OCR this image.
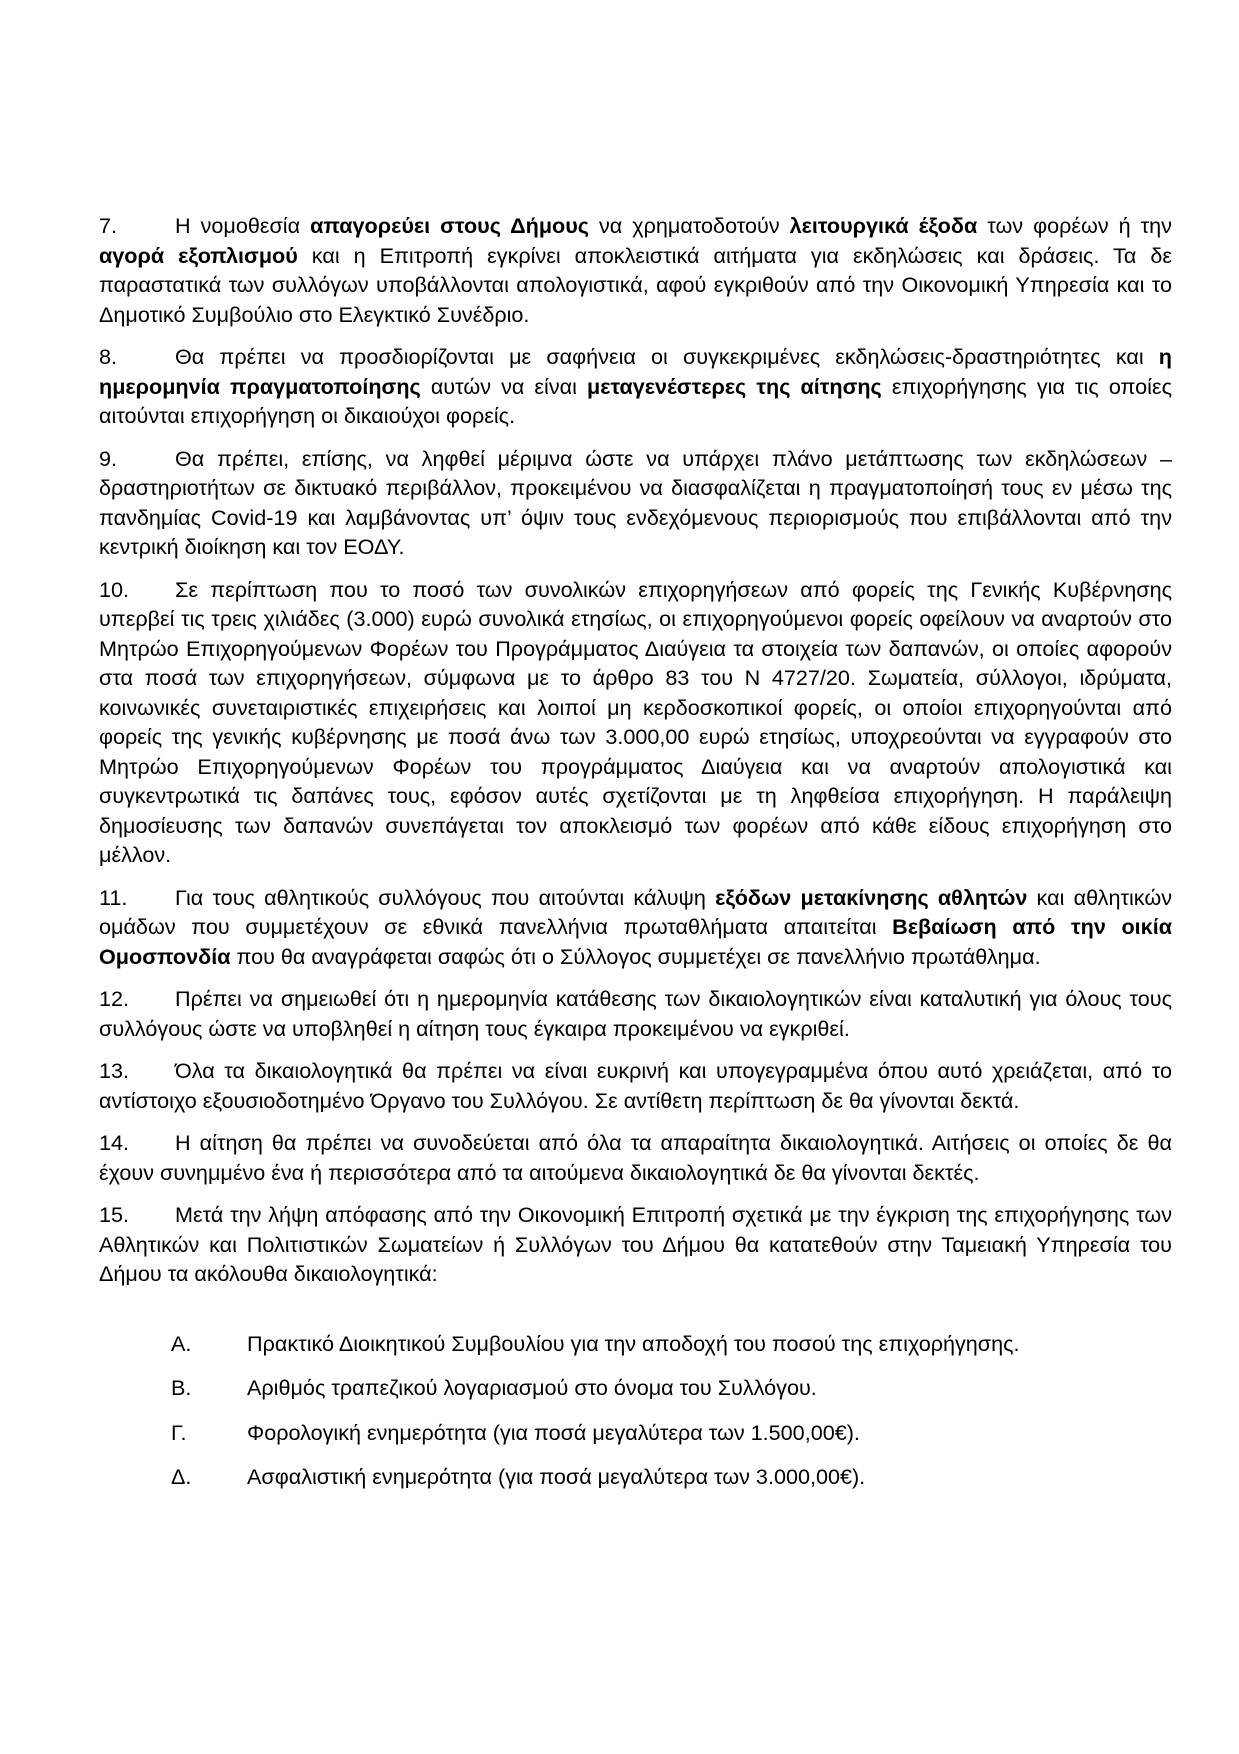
7.	Η νομοθεσία απαγορεύει στους Δήμους να χρηματοδοτούν λειτουργικά έξοδα των φορέων ή την αγορά εξοπλισμού και η Επιτροπή εγκρίνει αποκλειστικά αιτήματα για εκδηλώσεις και δράσεις. Τα δε παραστατικά των συλλόγων υποβάλλονται απολογιστικά, αφού εγκριθούν από την Οικονομική Υπηρεσία και το Δημοτικό Συμβούλιο στο Ελεγκτικό Συνέδριο.
8.	Θα πρέπει να προσδιορίζονται με σαφήνεια οι συγκεκριμένες εκδηλώσεις-δραστηριότητες και η ημερομηνία πραγματοποίησης αυτών να είναι μεταγενέστερες της αίτησης επιχορήγησης για τις οποίες αιτούνται επιχορήγηση οι δικαιούχοι φορείς.
9.	Θα πρέπει, επίσης, να ληφθεί μέριμνα ώστε να υπάρχει πλάνο μετάπτωσης των εκδηλώσεων – δραστηριοτήτων σε δικτυακό περιβάλλον, προκειμένου να διασφαλίζεται η πραγματοποίησή τους εν μέσω της πανδημίας Covid-19 και λαμβάνοντας υπ’ όψιν τους ενδεχόμενους περιορισμούς που επιβάλλονται από την κεντρική διοίκηση και τον ΕΟΔΥ.
10. Σε περίπτωση που το ποσό των συνολικών επιχορηγήσεων από φορείς της Γενικής Κυβέρνησης υπερβεί τις τρεις χιλιάδες (3.000) ευρώ συνολικά ετησίως, οι επιχορηγούμενοι φορείς οφείλουν να αναρτούν στο Μητρώο Επιχορηγούμενων Φορέων του Προγράμματος Διαύγεια τα στοιχεία των δαπανών, οι οποίες αφορούν στα ποσά των επιχορηγήσεων, σύμφωνα με το άρθρο 83 του Ν 4727/20. Σωματεία, σύλλογοι, ιδρύματα, κοινωνικές συνεταιριστικές επιχειρήσεις και λοιποί μη κερδοσκοπικοί φορείς, οι οποίοι επιχορηγούνται από φορείς της γενικής κυβέρνησης με ποσά άνω των 3.000,00 ευρώ ετησίως, υποχρεούνται να εγγραφούν στο Μητρώο Επιχορηγούμενων Φορέων του προγράμματος Διαύγεια και να αναρτούν απολογιστικά και συγκεντρωτικά τις δαπάνες τους, εφόσον αυτές σχετίζονται με τη ληφθείσα επιχορήγηση. Η παράλειψη δημοσίευσης των δαπανών συνεπάγεται τον αποκλεισμό των φορέων από κάθε είδους επιχορήγηση στο μέλλον.
11. Για τους αθλητικούς συλλόγους που αιτούνται κάλυψη εξόδων μετακίνησης αθλητών και αθλητικών ομάδων που συμμετέχουν σε εθνικά πανελλήνια πρωταθλήματα απαιτείται Βεβαίωση από την οικία Ομοσπονδία που θα αναγράφεται σαφώς ότι ο Σύλλογος συμμετέχει σε πανελλήνιο πρωτάθλημα.
12. Πρέπει να σημειωθεί ότι η ημερομηνία κατάθεσης των δικαιολογητικών είναι καταλυτική για όλους τους συλλόγους ώστε να υποβληθεί η αίτηση τους έγκαιρα προκειμένου να εγκριθεί.
13. Όλα τα δικαιολογητικά θα πρέπει να είναι ευκρινή και υπογεγραμμένα όπου αυτό χρειάζεται, από το αντίστοιχο εξουσιοδοτημένο Όργανο του Συλλόγου. Σε αντίθετη περίπτωση δε θα γίνονται δεκτά.
14. Η αίτηση θα πρέπει να συνοδεύεται από όλα τα απαραίτητα δικαιολογητικά. Αιτήσεις οι οποίες δε θα έχουν συνημμένο ένα ή περισσότερα από τα αιτούμενα δικαιολογητικά δε θα γίνονται δεκτές.
15. Μετά την λήψη απόφασης από την Οικονομική Επιτροπή σχετικά με την έγκριση της επιχορήγησης των Αθλητικών και Πολιτιστικών Σωματείων ή Συλλόγων του Δήμου θα κατατεθούν στην Ταμειακή Υπηρεσία του Δήμου τα ακόλουθα δικαιολογητικά:
Α.	Πρακτικό Διοικητικού Συμβουλίου για την αποδοχή του ποσού της επιχορήγησης.
Β.	Αριθμός τραπεζικού λογαριασμού στο όνομα του Συλλόγου.
Γ.	Φορολογική ενημερότητα (για ποσά μεγαλύτερα των 1.500,00€).
Δ.	Ασφαλιστική ενημερότητα (για ποσά μεγαλύτερα των 3.000,00€).
